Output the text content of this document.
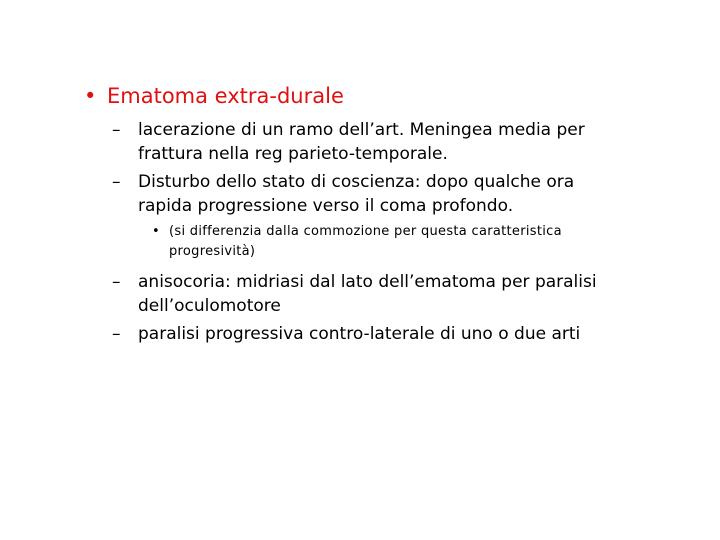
• Ematoma extra-durale
– lacerazione di un ramo dell’art. Meningea media per
frattura nella reg parieto-temporale.
– Disturbo dello stato di coscienza: dopo qualche ora
rapida progressione verso il coma profondo.
• (si differenzia dalla commozione per questa caratteristica
progresività)
– anisocoria: midriasi dal lato dell’ematoma per paralisi
dell’oculomotore
– paralisi progressiva contro-laterale di uno o due arti
